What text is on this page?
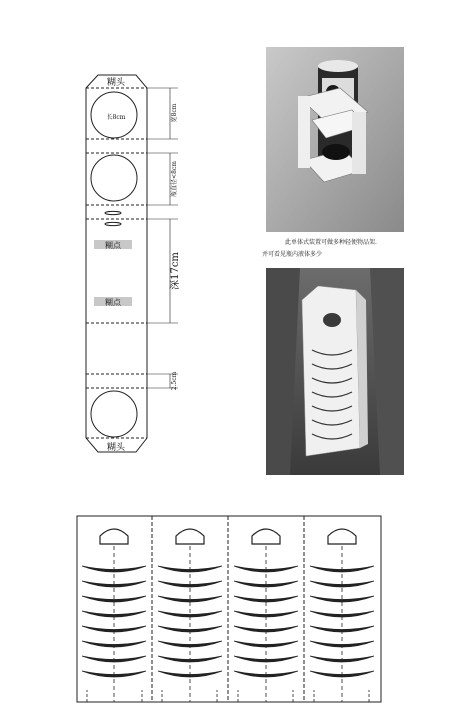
糊头
糊头
长8cm
糊点
糊点
宽8cm
瓶直径<8cm
深17cm
2.5cm
此单体式装置可做多种轻便物品架.
并可看见瓶内液体多少
